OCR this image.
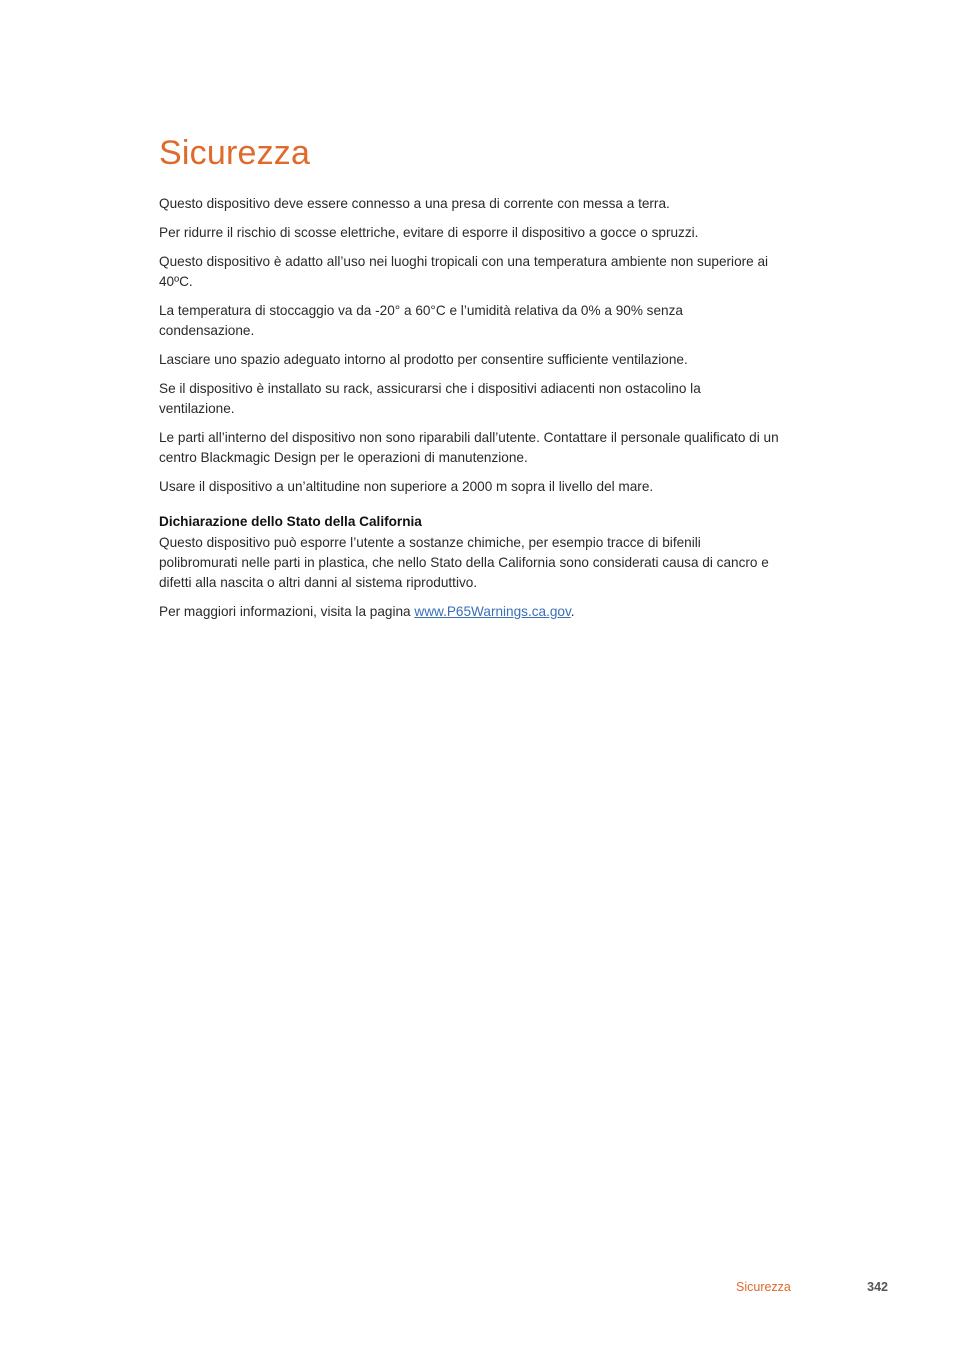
Sicurezza

Questo dispositivo deve essere connesso a una presa di corrente con messa a terra.

Per ridurre il rischio di scosse elettriche, evitare di esporre il dispositivo a gocce o spruzzi.

Questo dispositivo è adatto all’uso nei luoghi tropicali con una temperatura ambiente non superiore ai 40ºC.

La temperatura di stoccaggio va da -20° a 60°C e l’umidità relativa da 0% a 90% senza condensazione.

Lasciare uno spazio adeguato intorno al prodotto per consentire sufficiente ventilazione.

Se il dispositivo è installato su rack, assicurarsi che i dispositivi adiacenti non ostacolino la ventilazione.

Le parti all’interno del dispositivo non sono riparabili dall’utente. Contattare il personale qualificato di un centro Blackmagic Design per le operazioni di manutenzione.

Usare il dispositivo a un’altitudine non superiore a 2000 m sopra il livello del mare.

Dichiarazione dello Stato della California

Questo dispositivo può esporre l’utente a sostanze chimiche, per esempio tracce di bifenili polibromurati nelle parti in plastica, che nello Stato della California sono considerati causa di cancro e difetti alla nascita o altri danni al sistema riproduttivo.

Per maggiori informazioni, visita la pagina www.P65Warnings.ca.gov.

Sicurezza	342
